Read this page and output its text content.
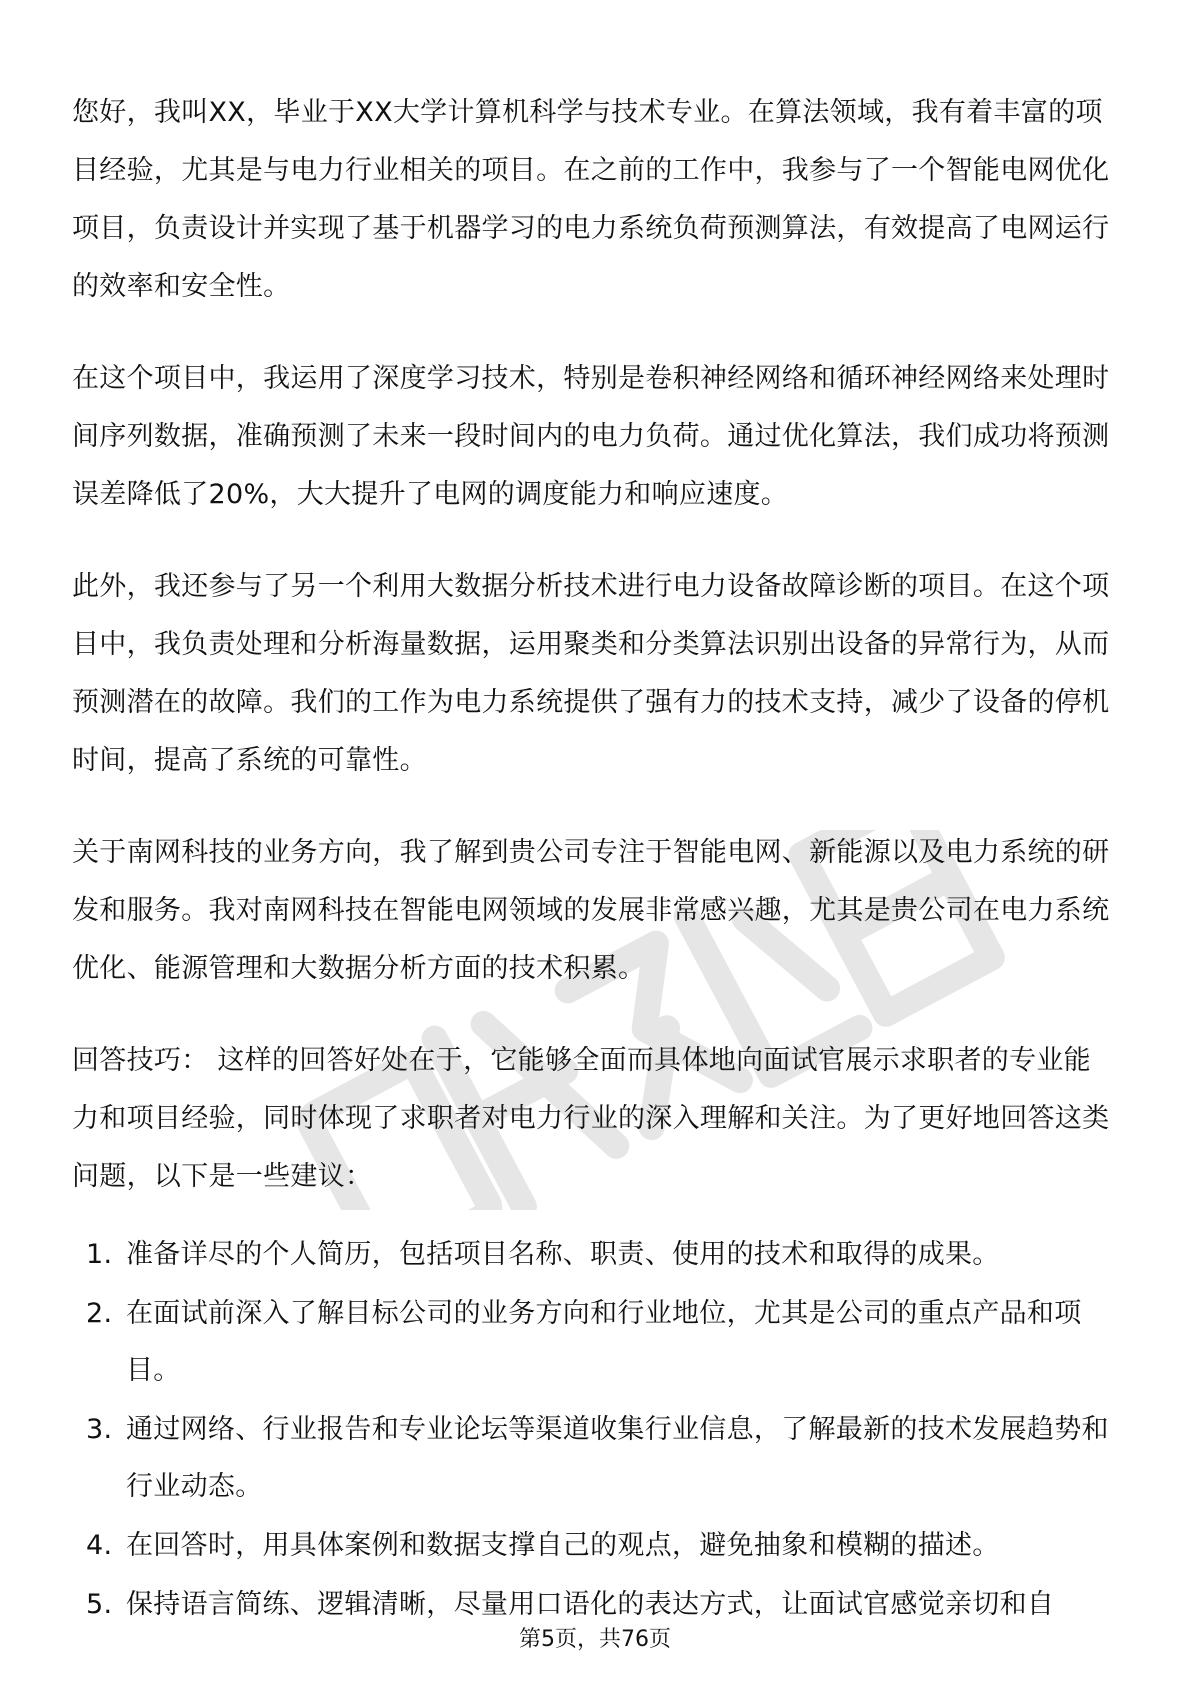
您好，我叫XX，毕业于XX大学计算机科学与技术专业。在算法领域，我有着丰富的项目经验，尤其是与电力行业相关的项目。在之前的工作中，我参与了一个智能电网优化项目，负责设计并实现了基于机器学习的电力系统负荷预测算法，有效提高了电网运行的效率和安全性。

在这个项目中，我运用了深度学习技术，特别是卷积神经网络和循环神经网络来处理时间序列数据，准确预测了未来一段时间内的电力负荷。通过优化算法，我们成功将预测误差降低了20%，大大提升了电网的调度能力和响应速度。

此外，我还参与了另一个利用大数据分析技术进行电力设备故障诊断的项目。在这个项目中，我负责处理和分析海量数据，运用聚类和分类算法识别出设备的异常行为，从而预测潜在的故障。我们的工作为电力系统提供了强有力的技术支持，减少了设备的停机时间，提高了系统的可靠性。

关于南网科技的业务方向，我了解到贵公司专注于智能电网、新能源以及电力系统的研发和服务。我对南网科技在智能电网领域的发展非常感兴趣，尤其是贵公司在电力系统优化、能源管理和大数据分析方面的技术积累。

回答技巧： 这样的回答好处在于，它能够全面而具体地向面试官展示求职者的专业能力和项目经验，同时体现了求职者对电力行业的深入理解和关注。为了更好地回答这类问题，以下是一些建议：

1. 准备详尽的个人简历，包括项目名称、职责、使用的技术和取得的成果。
2. 在面试前深入了解目标公司的业务方向和行业地位，尤其是公司的重点产品和项目。
3. 通过网络、行业报告和专业论坛等渠道收集行业信息，了解最新的技术发展趋势和行业动态。
4. 在回答时，用具体案例和数据支撑自己的观点，避免抽象和模糊的描述。
5. 保持语言简练、逻辑清晰，尽量用口语化的表达方式，让面试官感觉亲切和自
第5页，共76页
